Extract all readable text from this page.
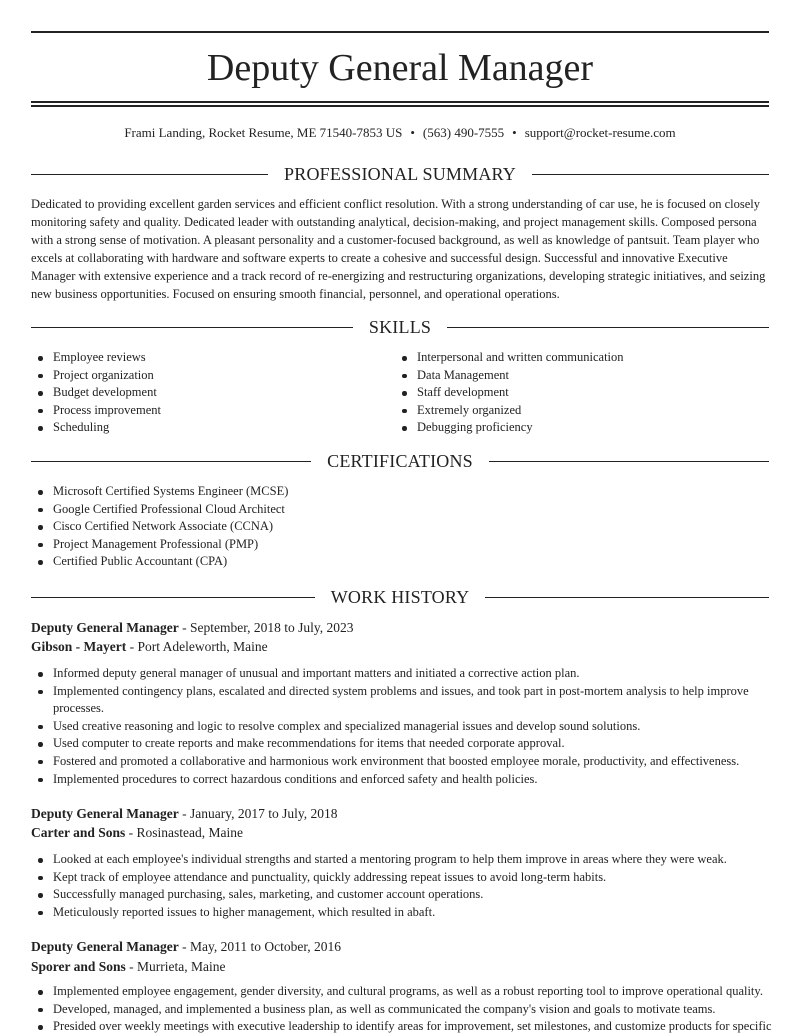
Deputy General Manager
Frami Landing, Rocket Resume, ME 71540-7853 US • (563) 490-7555 • support@rocket-resume.com
PROFESSIONAL SUMMARY

Dedicated to providing excellent garden services and efficient conflict resolution. With a strong understanding of car use, he is focused on closely monitoring safety and quality. Dedicated leader with outstanding analytical, decision-making, and project management skills. Composed persona with a strong sense of motivation. A pleasant personality and a customer-focused background, as well as knowledge of pantsuit. Team player who excels at collaborating with hardware and software experts to create a cohesive and successful design. Successful and innovative Executive Manager with extensive experience and a track record of re-energizing and restructuring organizations, developing strategic initiatives, and seizing new business opportunities. Focused on ensuring smooth financial, personnel, and operational operations.

SKILLS
Employee reviews
Project organization
Budget development
Process improvement
Scheduling
Interpersonal and written communication
Data Management
Staff development
Extremely organized
Debugging proficiency
CERTIFICATIONS
Microsoft Certified Systems Engineer (MCSE)
Google Certified Professional Cloud Architect
Cisco Certified Network Associate (CCNA)
Project Management Professional (PMP)
Certified Public Accountant (CPA)
WORK HISTORY
Deputy General Manager - September, 2018 to July, 2023
Gibson - Mayert - Port Adeleworth, Maine
Informed deputy general manager of unusual and important matters and initiated a corrective action plan.
Implemented contingency plans, escalated and directed system problems and issues, and took part in post-mortem analysis to help improve processes.
Used creative reasoning and logic to resolve complex and specialized managerial issues and develop sound solutions.
Used computer to create reports and make recommendations for items that needed corporate approval.
Fostered and promoted a collaborative and harmonious work environment that boosted employee morale, productivity, and effectiveness.
Implemented procedures to correct hazardous conditions and enforced safety and health policies.
Deputy General Manager - January, 2017 to July, 2018
Carter and Sons - Rosinastead, Maine
Looked at each employee's individual strengths and started a mentoring program to help them improve in areas where they were weak.
Kept track of employee attendance and punctuality, quickly addressing repeat issues to avoid long-term habits.
Successfully managed purchasing, sales, marketing, and customer account operations.
Meticulously reported issues to higher management, which resulted in abaft.
Deputy General Manager - May, 2011 to October, 2016
Sporer and Sons - Murrieta, Maine
Implemented employee engagement, gender diversity, and cultural programs, as well as a robust reporting tool to improve operational quality.
Developed, managed, and implemented a business plan, as well as communicated the company's vision and goals to motivate teams.
Presided over weekly meetings with executive leadership to identify areas for improvement, set milestones, and customize products for specific
